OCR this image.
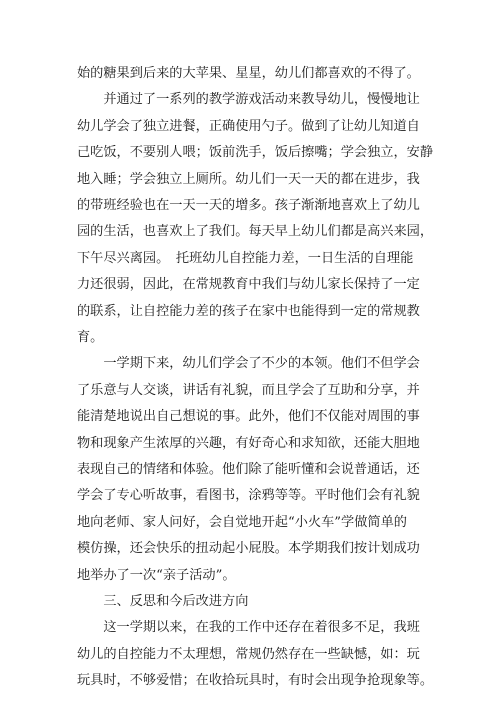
始的糖果到后来的大苹果、星星，幼儿们都喜欢的不得了。
　　并通过了一系列的教学游戏活动来教导幼儿，慢慢地让
幼儿学会了独立进餐，正确使用勺子。做到了让幼儿知道自
己吃饭，不要别人喂；饭前洗手，饭后擦嘴；学会独立，安静
地入睡；学会独立上厕所。幼儿们一天一天的都在进步，我
的带班经验也在一天一天的增多。孩子渐渐地喜欢上了幼儿
园的生活，也喜欢上了我们。每天早上幼儿们都是高兴来园，
下午尽兴离园。　托班幼儿自控能力差，一日生活的自理能
力还很弱，因此，在常规教育中我们与幼儿家长保持了一定
的联系，让自控能力差的孩子在家中也能得到一定的常规教
育。
　　一学期下来，幼儿们学会了不少的本领。他们不但学会
了乐意与人交谈，讲话有礼貌，而且学会了互助和分享，并
能清楚地说出自己想说的事。此外，他们不仅能对周围的事
物和现象产生浓厚的兴趣，有好奇心和求知欲，还能大胆地
表现自己的情绪和体验。他们除了能听懂和会说普通话，还
学会了专心听故事，看图书，涂鸦等等。平时他们会有礼貌
地向老师、家人问好，会自觉地开起“小火车”学做简单的
模仿操，还会快乐的扭动起小屁股。本学期我们按计划成功
地举办了一次“亲子活动”。
　　三、反思和今后改进方向
　　这一学期以来，在我的工作中还存在着很多不足，我班
幼儿的自控能力不太理想，常规仍然存在一些缺憾，如：玩
玩具时，不够爱惜；在收拾玩具时，有时会出现争抢现象等。
